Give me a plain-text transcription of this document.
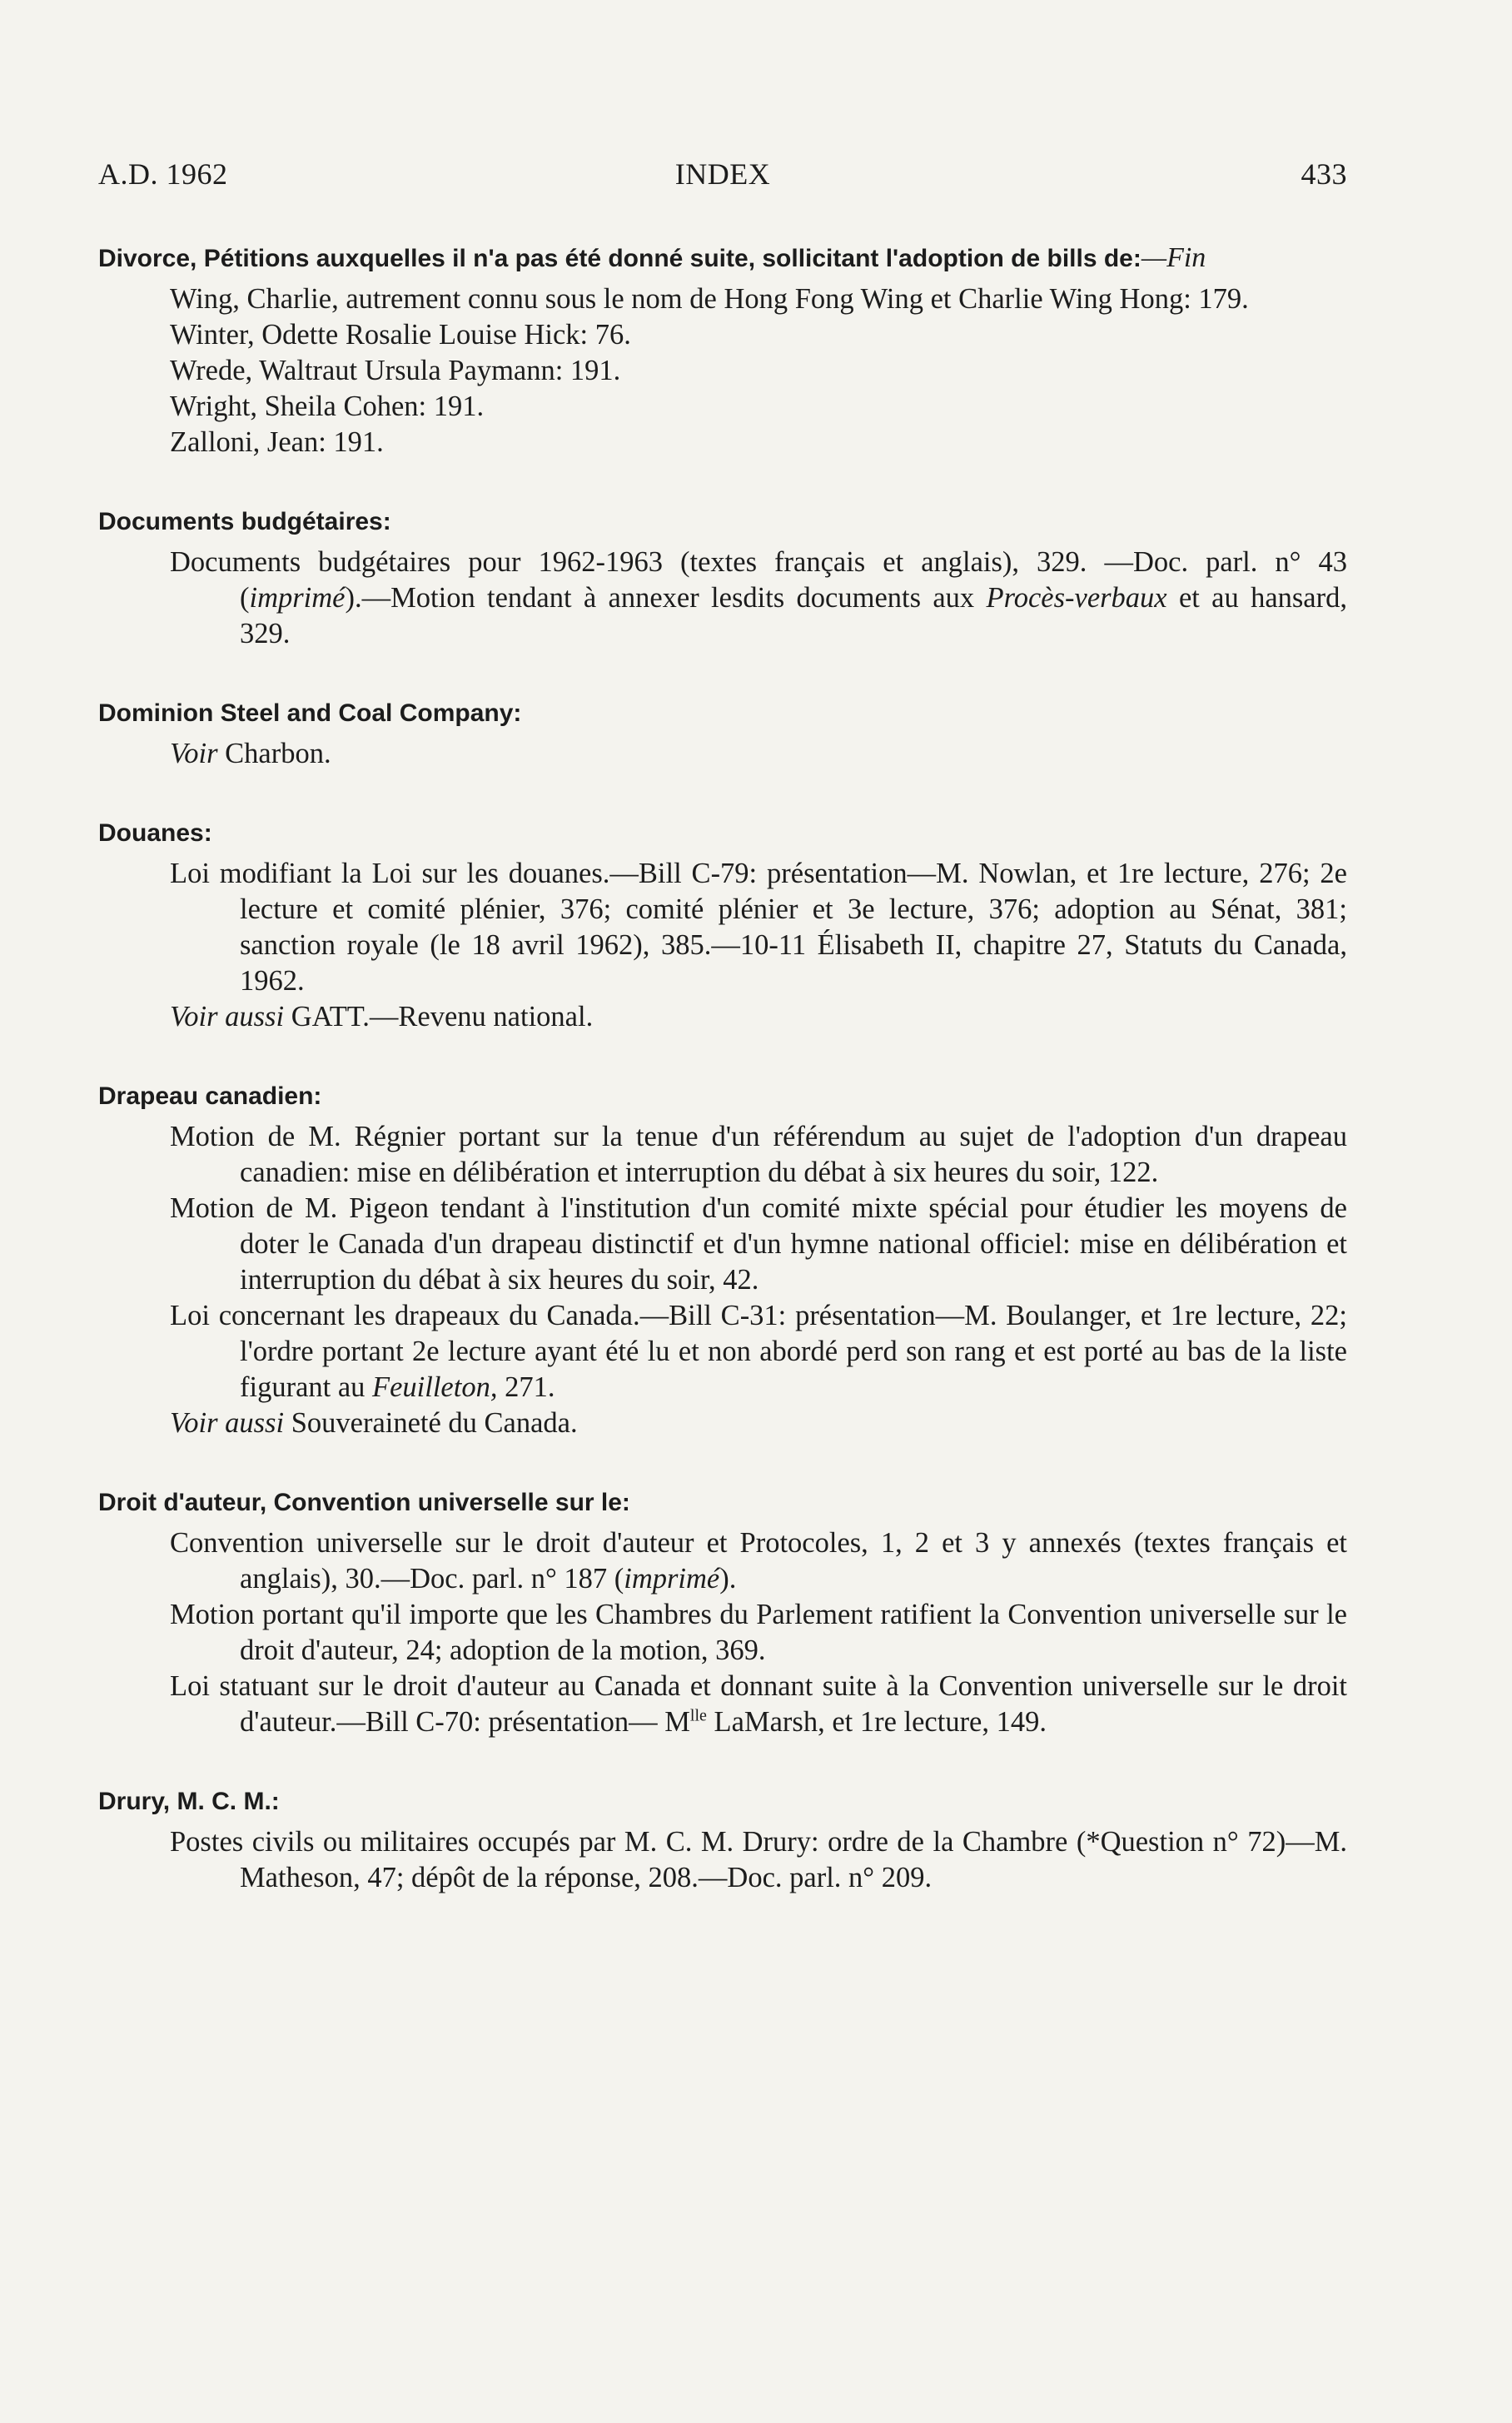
A.D. 1962	INDEX	433
Divorce, Pétitions auxquelles il n'a pas été donné suite, sollicitant l'adoption de bills de:—Fin
Wing, Charlie, autrement connu sous le nom de Hong Fong Wing et Charlie Wing Hong: 179.
Winter, Odette Rosalie Louise Hick: 76.
Wrede, Waltraut Ursula Paymann: 191.
Wright, Sheila Cohen: 191.
Zalloni, Jean: 191.
Documents budgétaires:
Documents budgétaires pour 1962-1963 (textes français et anglais), 329. —Doc. parl. n° 43 (imprimé).—Motion tendant à annexer lesdits documents aux Procès-verbaux et au hansard, 329.
Dominion Steel and Coal Company:
Voir Charbon.
Douanes:
Loi modifiant la Loi sur les douanes.—Bill C-79: présentation—M. Nowlan, et 1re lecture, 276; 2e lecture et comité plénier, 376; comité plénier et 3e lecture, 376; adoption au Sénat, 381; sanction royale (le 18 avril 1962), 385.—10-11 Élisabeth II, chapitre 27, Statuts du Canada, 1962.
Voir aussi GATT.—Revenu national.
Drapeau canadien:
Motion de M. Régnier portant sur la tenue d'un référendum au sujet de l'adoption d'un drapeau canadien: mise en délibération et interruption du débat à six heures du soir, 122.
Motion de M. Pigeon tendant à l'institution d'un comité mixte spécial pour étudier les moyens de doter le Canada d'un drapeau distinctif et d'un hymne national officiel: mise en délibération et interruption du débat à six heures du soir, 42.
Loi concernant les drapeaux du Canada.—Bill C-31: présentation—M. Boulanger, et 1re lecture, 22; l'ordre portant 2e lecture ayant été lu et non abordé perd son rang et est porté au bas de la liste figurant au Feuilleton, 271.
Voir aussi Souveraineté du Canada.
Droit d'auteur, Convention universelle sur le:
Convention universelle sur le droit d'auteur et Protocoles, 1, 2 et 3 y annexés (textes français et anglais), 30.—Doc. parl. n° 187 (imprimé).
Motion portant qu'il importe que les Chambres du Parlement ratifient la Convention universelle sur le droit d'auteur, 24; adoption de la motion, 369.
Loi statuant sur le droit d'auteur au Canada et donnant suite à la Convention universelle sur le droit d'auteur.—Bill C-70: présentation— $M^{lle}$ LaMarsh, et 1re lecture, 149.
Drury, M. C. M.:
Postes civils ou militaires occupés par M. C. M. Drury: ordre de la Chambre (*Question n° 72)—M. Matheson, 47; dépôt de la réponse, 208.—Doc. parl. n° 209.
